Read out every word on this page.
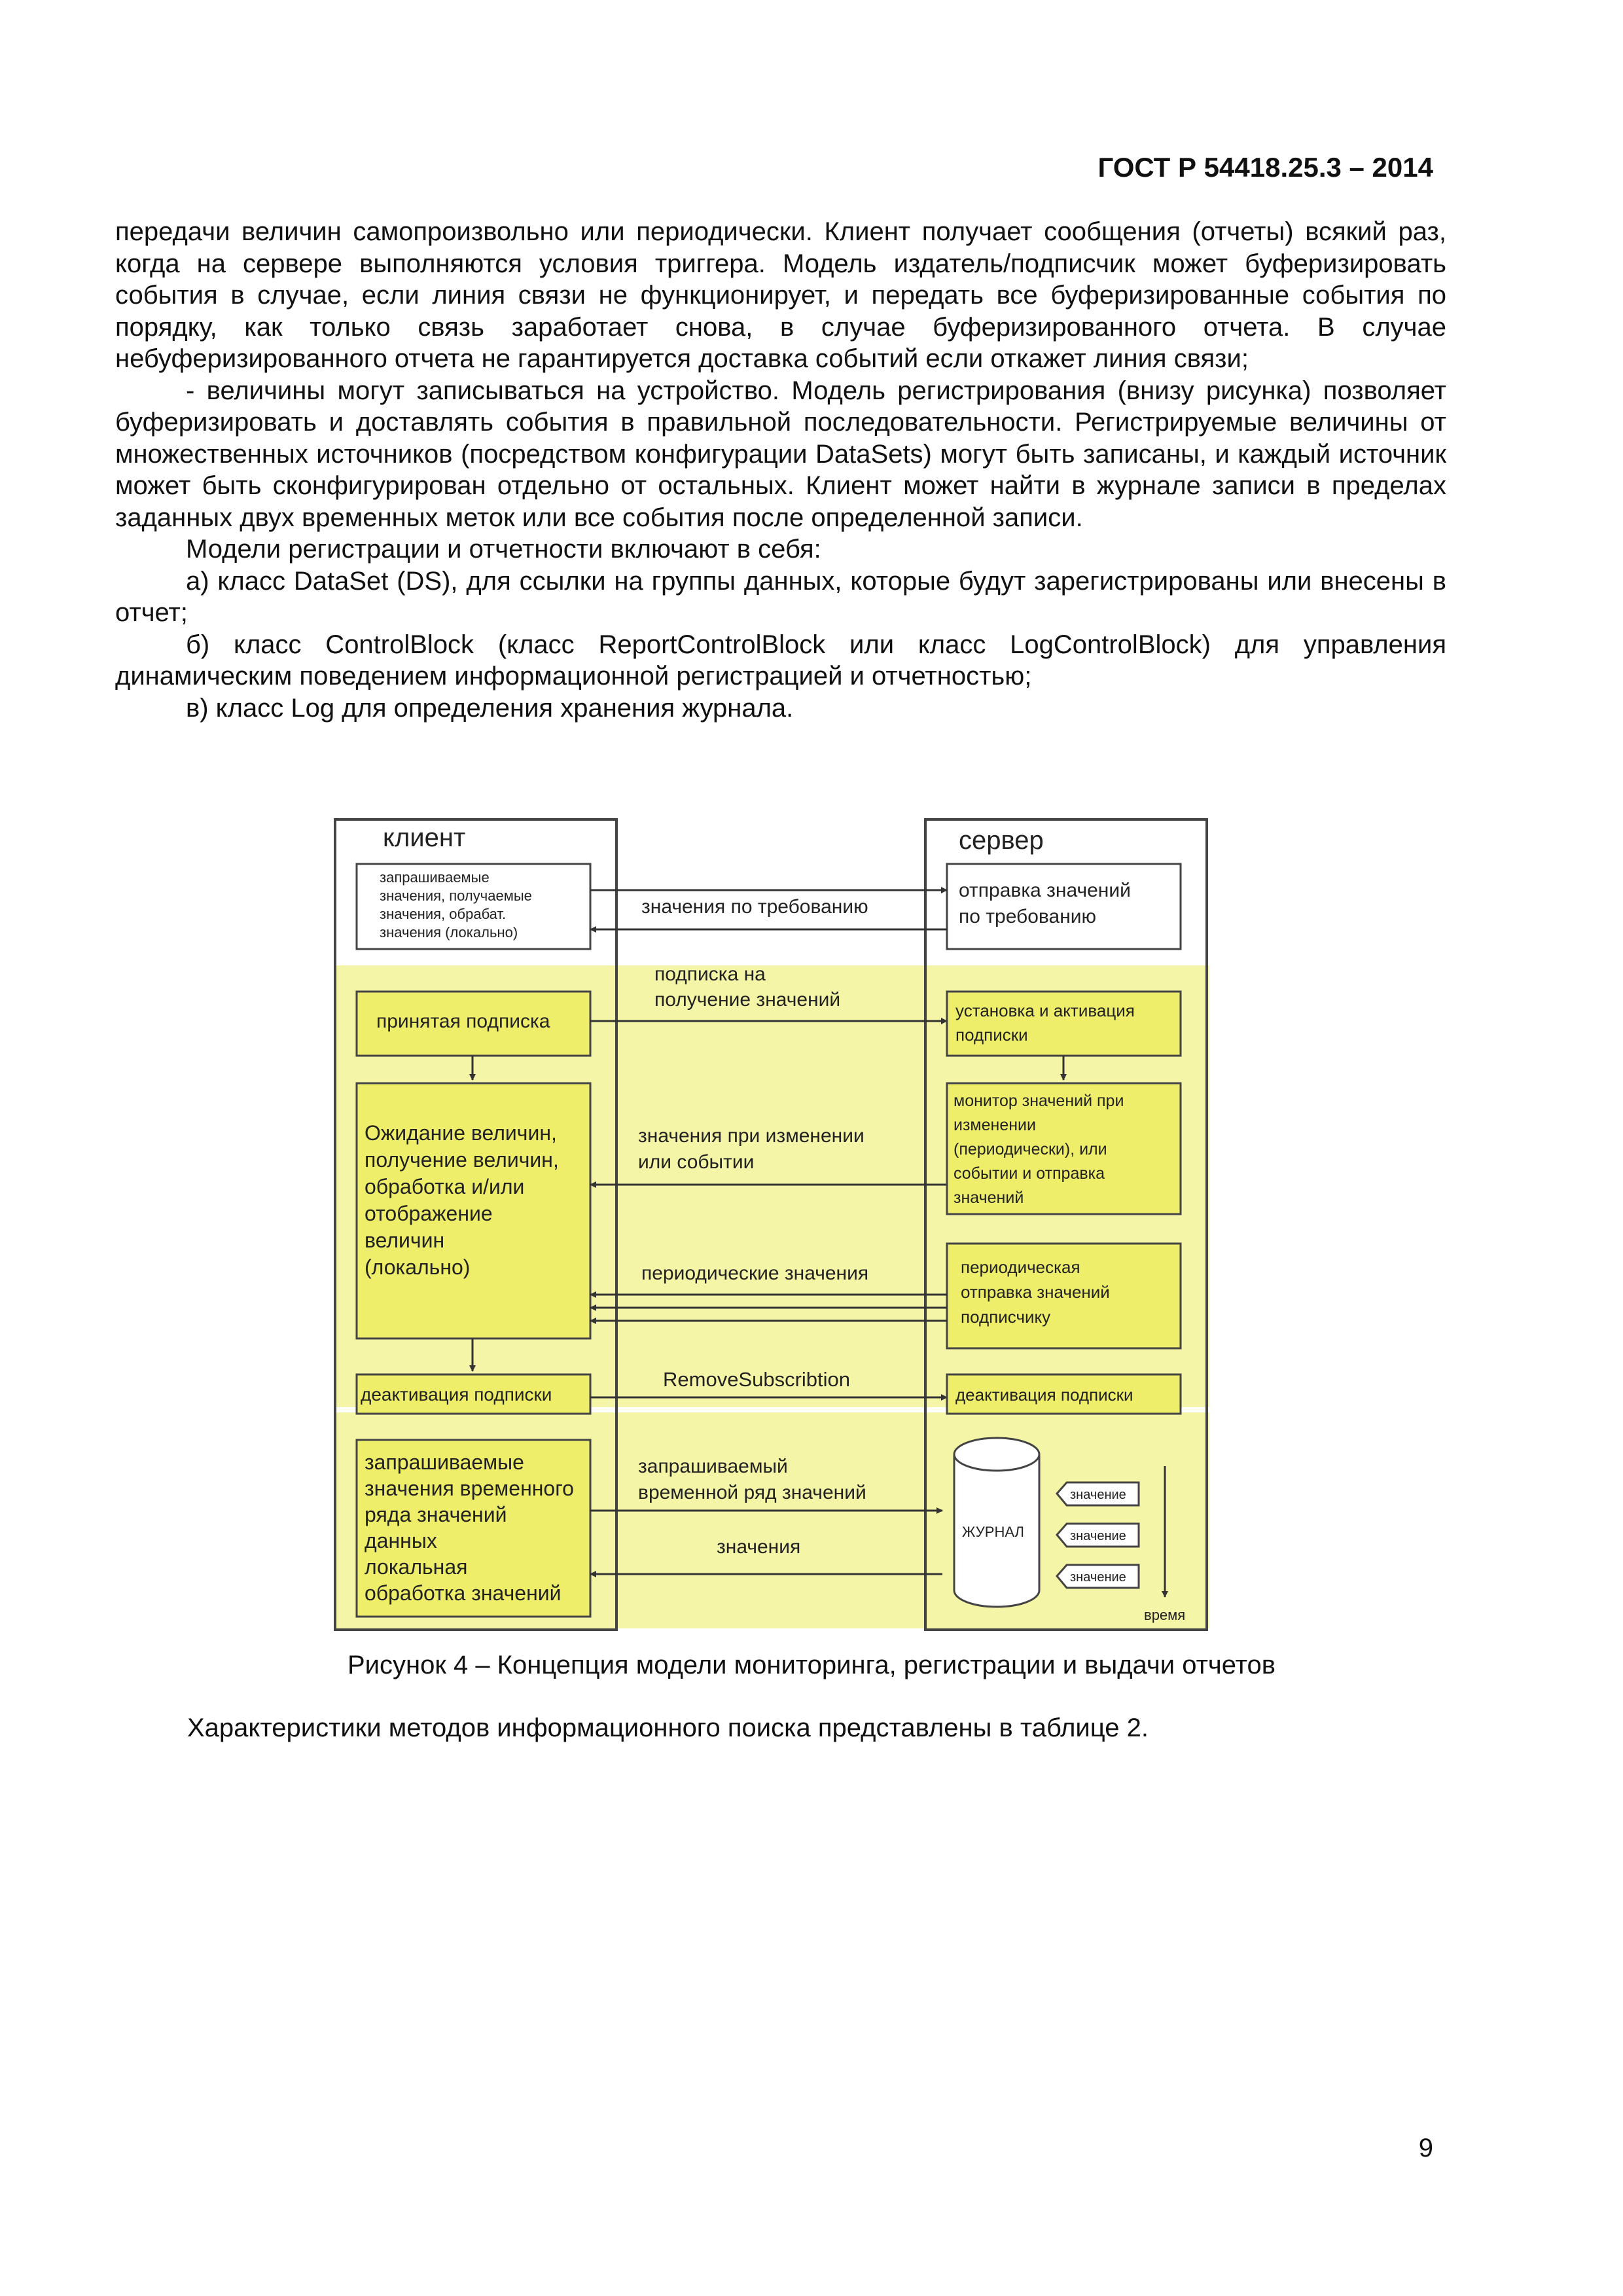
ГОСТ Р 54418.25.3 – 2014

передачи величин самопроизвольно или периодически. Клиент получает сообщения (отчеты) всякий раз, когда на сервере выполняются условия триггера. Модель издатель/подписчик может буферизировать события в случае, если линия связи не функционирует, и передать все буферизированные события по порядку, как только связь заработает снова, в случае буферизированного отчета. В случае небуферизированного отчета не гарантируется доставка событий если откажет линия связи;

- величины могут записываться на устройство. Модель регистрирования (внизу рисунка) позволяет буферизировать и доставлять события в правильной последовательности. Регистрируемые величины от множественных источников (посредством конфигурации DataSets) могут быть записаны, и каждый источник может быть сконфигурирован отдельно от остальных. Клиент может найти в журнале записи в пределах заданных двух временных меток или все события после определенной записи.

Модели регистрации и отчетности включают в себя:

а) класс DataSet (DS), для ссылки на группы данных, которые будут зарегистрированы или внесены в отчет;

б) класс ControlBlock (класс ReportControlBlock или класс LogControlBlock) для управления динамическим поведением информационной регистрацией и отчетностью;

в) класс Log для определения хранения журнала.

клиент	сервер
запрашиваемые значения, получаемые значения, обрабат. значения (локально)
отправка значений по требованию
значения по требованию
принятая подписка
подписка на получение значений	установка и активация подписки
Ожидание величин, получение величин, обработка и/или отображение величин (локально)
значения при изменении или событии
монитор значений при изменении (периодически), или событии и отправка значений
периодические значения	периодическая отправка значений подписчику
деактивация подписки
RemoveSubscribtion
деактивация подписки
запрашиваемые значения временного ряда значений данных локальная обработка значений
запрашиваемый временной ряд значений
значения
ЖУРНАЛ
значение
значение
значение
время
Рисунок 4 – Концепция модели мониторинга, регистрации и выдачи отчетов
Характеристики методов информационного поиска представлены в таблице 2.
9
